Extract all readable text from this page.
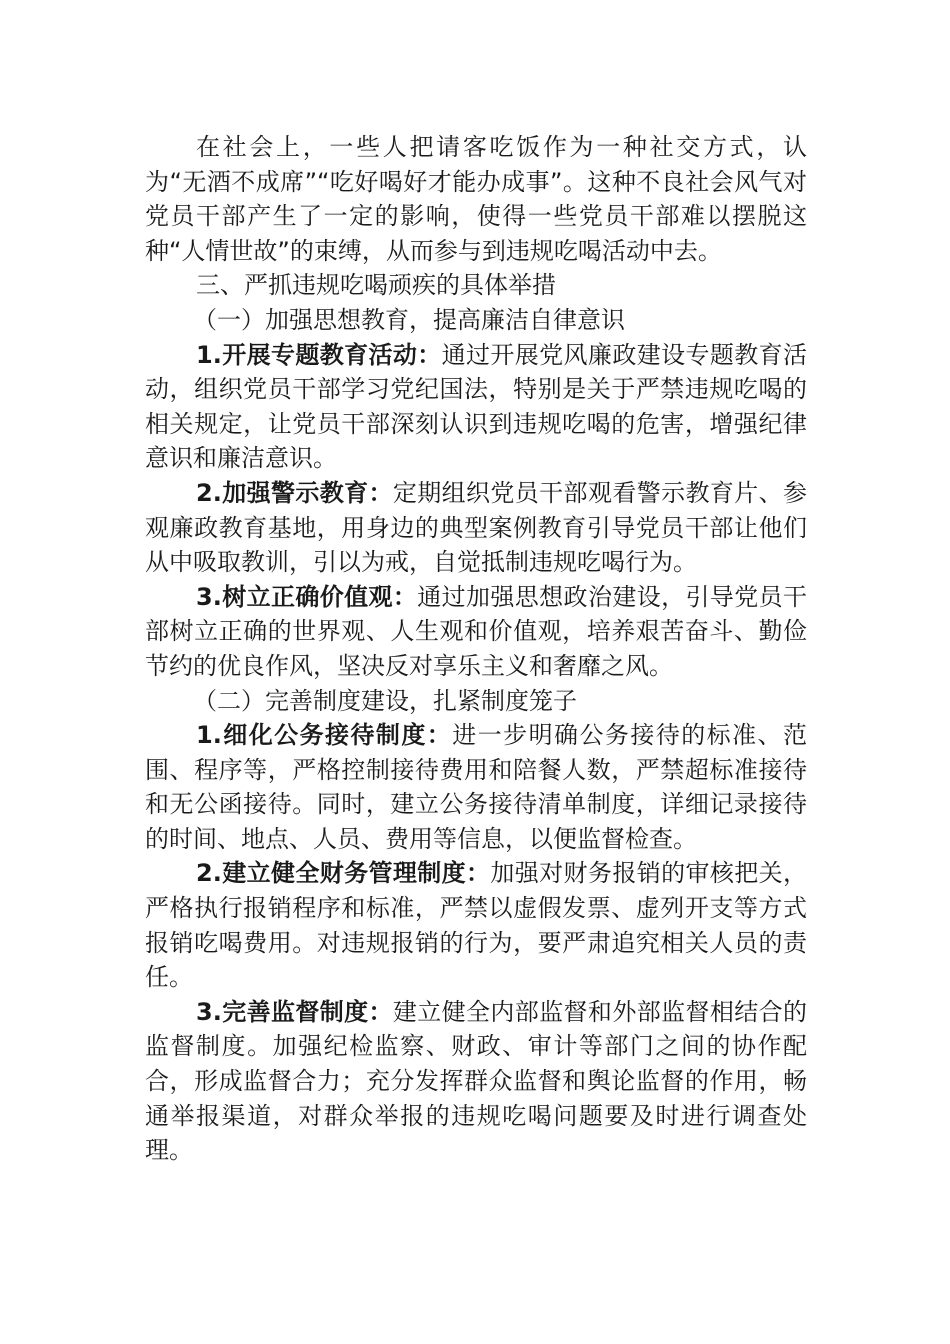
在社会上，一些人把请客吃饭作为一种社交方式，认为“无酒不成席”“吃好喝好才能办成事”。这种不良社会风气对党员干部产生了一定的影响，使得一些党员干部难以摆脱这种“人情世故”的束缚，从而参与到违规吃喝活动中去。

三、严抓违规吃喝顽疾的具体举措

（一）加强思想教育，提高廉洁自律意识

1.开展专题教育活动：通过开展党风廉政建设专题教育活动，组织党员干部学习党纪国法，特别是关于严禁违规吃喝的相关规定，让党员干部深刻认识到违规吃喝的危害，增强纪律意识和廉洁意识。

2.加强警示教育：定期组织党员干部观看警示教育片、参观廉政教育基地，用身边的典型案例教育引导党员干部让他们从中吸取教训，引以为戒，自觉抵制违规吃喝行为。

3.树立正确价值观：通过加强思想政治建设，引导党员干部树立正确的世界观、人生观和价值观，培养艰苦奋斗、勤俭节约的优良作风，坚决反对享乐主义和奢靡之风。

（二）完善制度建设，扎紧制度笼子

1.细化公务接待制度：进一步明确公务接待的标准、范围、程序等，严格控制接待费用和陪餐人数，严禁超标准接待和无公函接待。同时，建立公务接待清单制度，详细记录接待的时间、地点、人员、费用等信息，以便监督检查。

2.建立健全财务管理制度：加强对财务报销的审核把关，严格执行报销程序和标准，严禁以虚假发票、虚列开支等方式报销吃喝费用。对违规报销的行为，要严肃追究相关人员的责任。

3.完善监督制度：建立健全内部监督和外部监督相结合的监督制度。加强纪检监察、财政、审计等部门之间的协作配合，形成监督合力；充分发挥群众监督和舆论监督的作用，畅通举报渠道，对群众举报的违规吃喝问题要及时进行调查处理。
